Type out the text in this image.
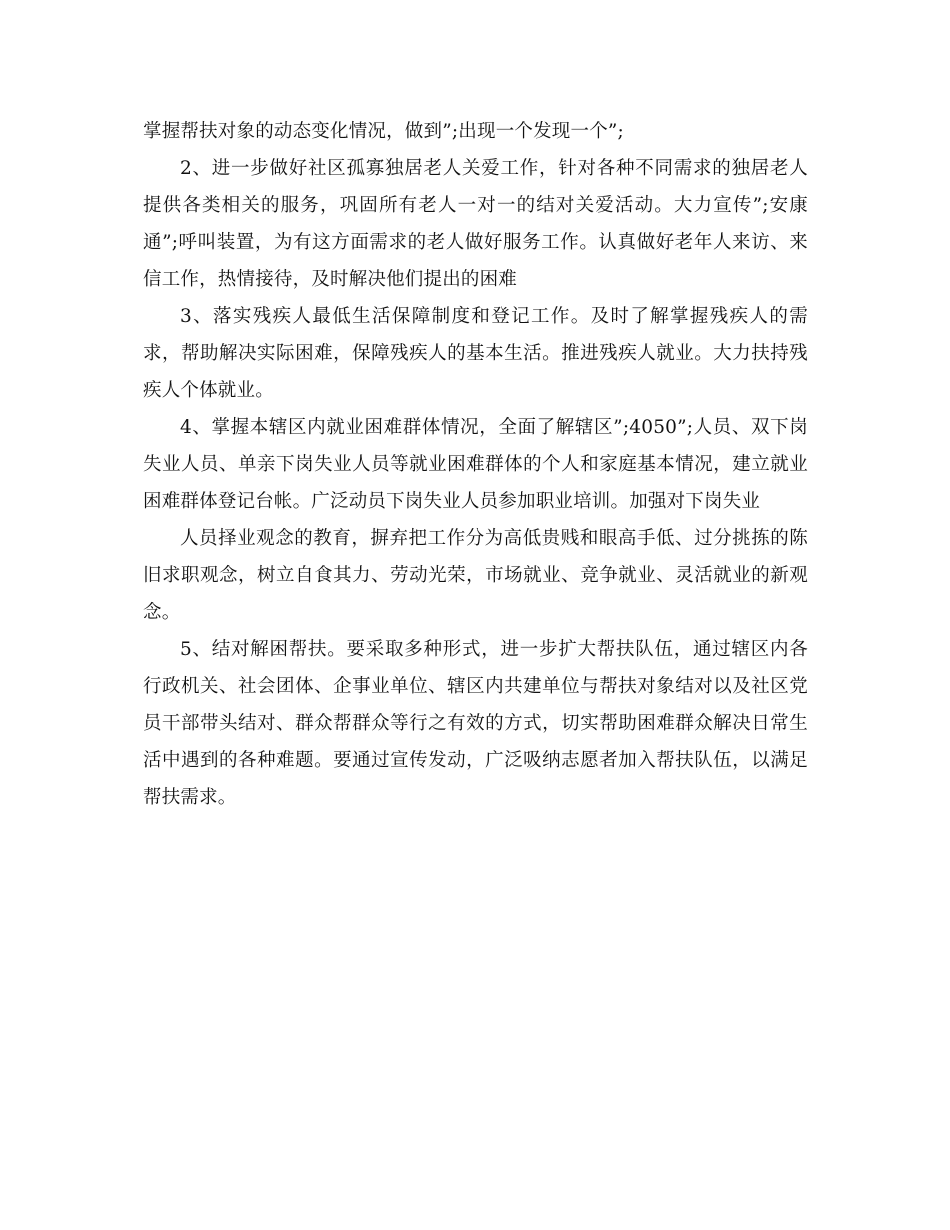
掌握帮扶对象的动态变化情况，做到”;出现一个发现一个”;

2、进一步做好社区孤寡独居老人关爱工作，针对各种不同需求的独居老人提供各类相关的服务，巩固所有老人一对一的结对关爱活动。大力宣传”;安康通”;呼叫装置，为有这方面需求的老人做好服务工作。认真做好老年人来访、来信工作，热情接待，及时解决他们提出的困难

3、落实残疾人最低生活保障制度和登记工作。及时了解掌握残疾人的需求，帮助解决实际困难，保障残疾人的基本生活。推进残疾人就业。大力扶持残疾人个体就业。

4、掌握本辖区内就业困难群体情况，全面了解辖区”;4050”;人员、双下岗失业人员、单亲下岗失业人员等就业困难群体的个人和家庭基本情况，建立就业困难群体登记台帐。广泛动员下岗失业人员参加职业培训。加强对下岗失业

人员择业观念的教育，摒弃把工作分为高低贵贱和眼高手低、过分挑拣的陈旧求职观念，树立自食其力、劳动光荣，市场就业、竞争就业、灵活就业的新观念。

5、结对解困帮扶。要采取多种形式，进一步扩大帮扶队伍，通过辖区内各行政机关、社会团体、企事业单位、辖区内共建单位与帮扶对象结对以及社区党员干部带头结对、群众帮群众等行之有效的方式，切实帮助困难群众解决日常生活中遇到的各种难题。要通过宣传发动，广泛吸纳志愿者加入帮扶队伍，以满足帮扶需求。
